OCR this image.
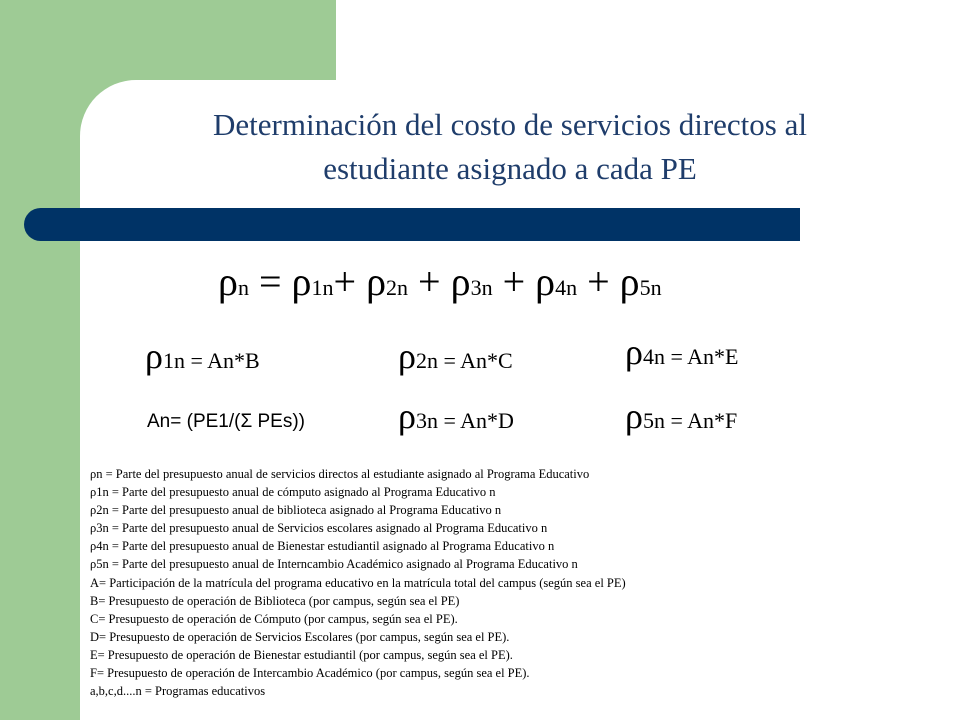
Determinación del costo de servicios directos al
estudiante asignado a cada PE
ρn = ρ1n+ ρ2n + ρ3n + ρ4n + ρ5n
ρ1n = An*B	ρ2n = An*C	ρ4n = An*E
ρ3n = An*D	ρ5n = An*F
An= (PE1/(Σ PEs))
ρn = Parte del presupuesto anual de servicios directos al estudiante asignado al Programa Educativo
ρ1n = Parte del presupuesto anual de cómputo asignado al Programa Educativo n
ρ2n = Parte del presupuesto anual de biblioteca asignado al Programa Educativo n
ρ3n = Parte del presupuesto anual de Servicios escolares asignado al Programa Educativo n
ρ4n = Parte del presupuesto anual de Bienestar estudiantil asignado al Programa Educativo n
ρ5n = Parte del presupuesto anual de Interncambio Académico asignado al Programa Educativo n
A= Participación de la matrícula del programa educativo en la matrícula total del campus (según sea el PE)
B= Presupuesto de operación de Biblioteca (por campus, según sea el PE)
C= Presupuesto de operación de Cómputo (por campus, según sea el PE).
D= Presupuesto de operación de Servicios Escolares (por campus, según sea el PE).
E= Presupuesto de operación de Bienestar estudiantil (por campus, según sea el PE).
F= Presupuesto de operación de Intercambio Académico (por campus, según sea el PE).
a,b,c,d....n = Programas educativos
